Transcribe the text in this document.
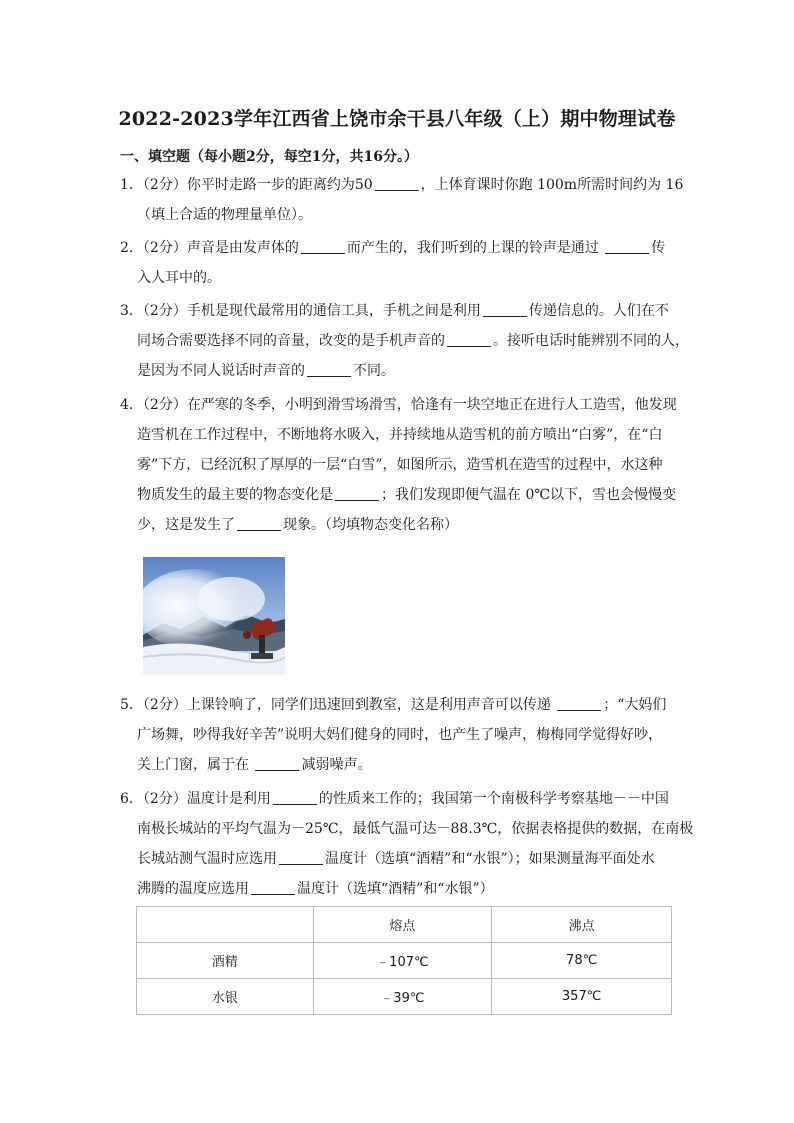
2022-2023学年江西省上饶市余干县八年级（上）期中物理试卷
一、填空题（每小题2分，每空1分，共16分。）
1．（2分）你平时走路一步的距离约为50	，上体育课时你跑 100m所需时间约为 16
（填上合适的物理量单位）。
2．（2分）声音是由发声体的	而产生的，我们听到的上课的铃声是通过	传
入人耳中的。
3．（2分）手机是现代最常用的通信工具，手机之间是利用	传递信息的。人们在不
同场合需要选择不同的音量，改变的是手机声音的	。接听电话时能辨别不同的人，
是因为不同人说话时声音的	不同。
4．（2分）在严寒的冬季，小明到滑雪场滑雪，恰逢有一块空地正在进行人工造雪，他发现
造雪机在工作过程中，不断地将水吸入，并持续地从造雪机的前方喷出“白雾”，在“白
雾”下方，已经沉积了厚厚的一层“白雪”，如图所示，造雪机在造雪的过程中，水这种
物质发生的最主要的物态变化是	；我们发现即便气温在 0℃以下，雪也会慢慢变
少，这是发生了	现象。（均填物态变化名称）
5．（2分）上课铃响了，同学们迅速回到教室，这是利用声音可以传递	；“大妈们
广场舞，吵得我好辛苦”说明大妈们健身的同时，也产生了噪声，梅梅同学觉得好吵，
关上门窗，属于在	减弱噪声。
6．（2分）温度计是利用	的性质来工作的；我国第一个南极科学考察基地－－中国
南极长城站的平均气温为－25℃，最低气温可达－88.3℃，依据表格提供的数据，在南极
长城站测气温时应选用	温度计（选填“酒精”和“水银”）；如果测量海平面处水
沸腾的温度应选用	温度计（选填“酒精”和“水银”）
	熔点	沸点
酒精	﹣107℃	78℃
水银	﹣39℃	357℃
